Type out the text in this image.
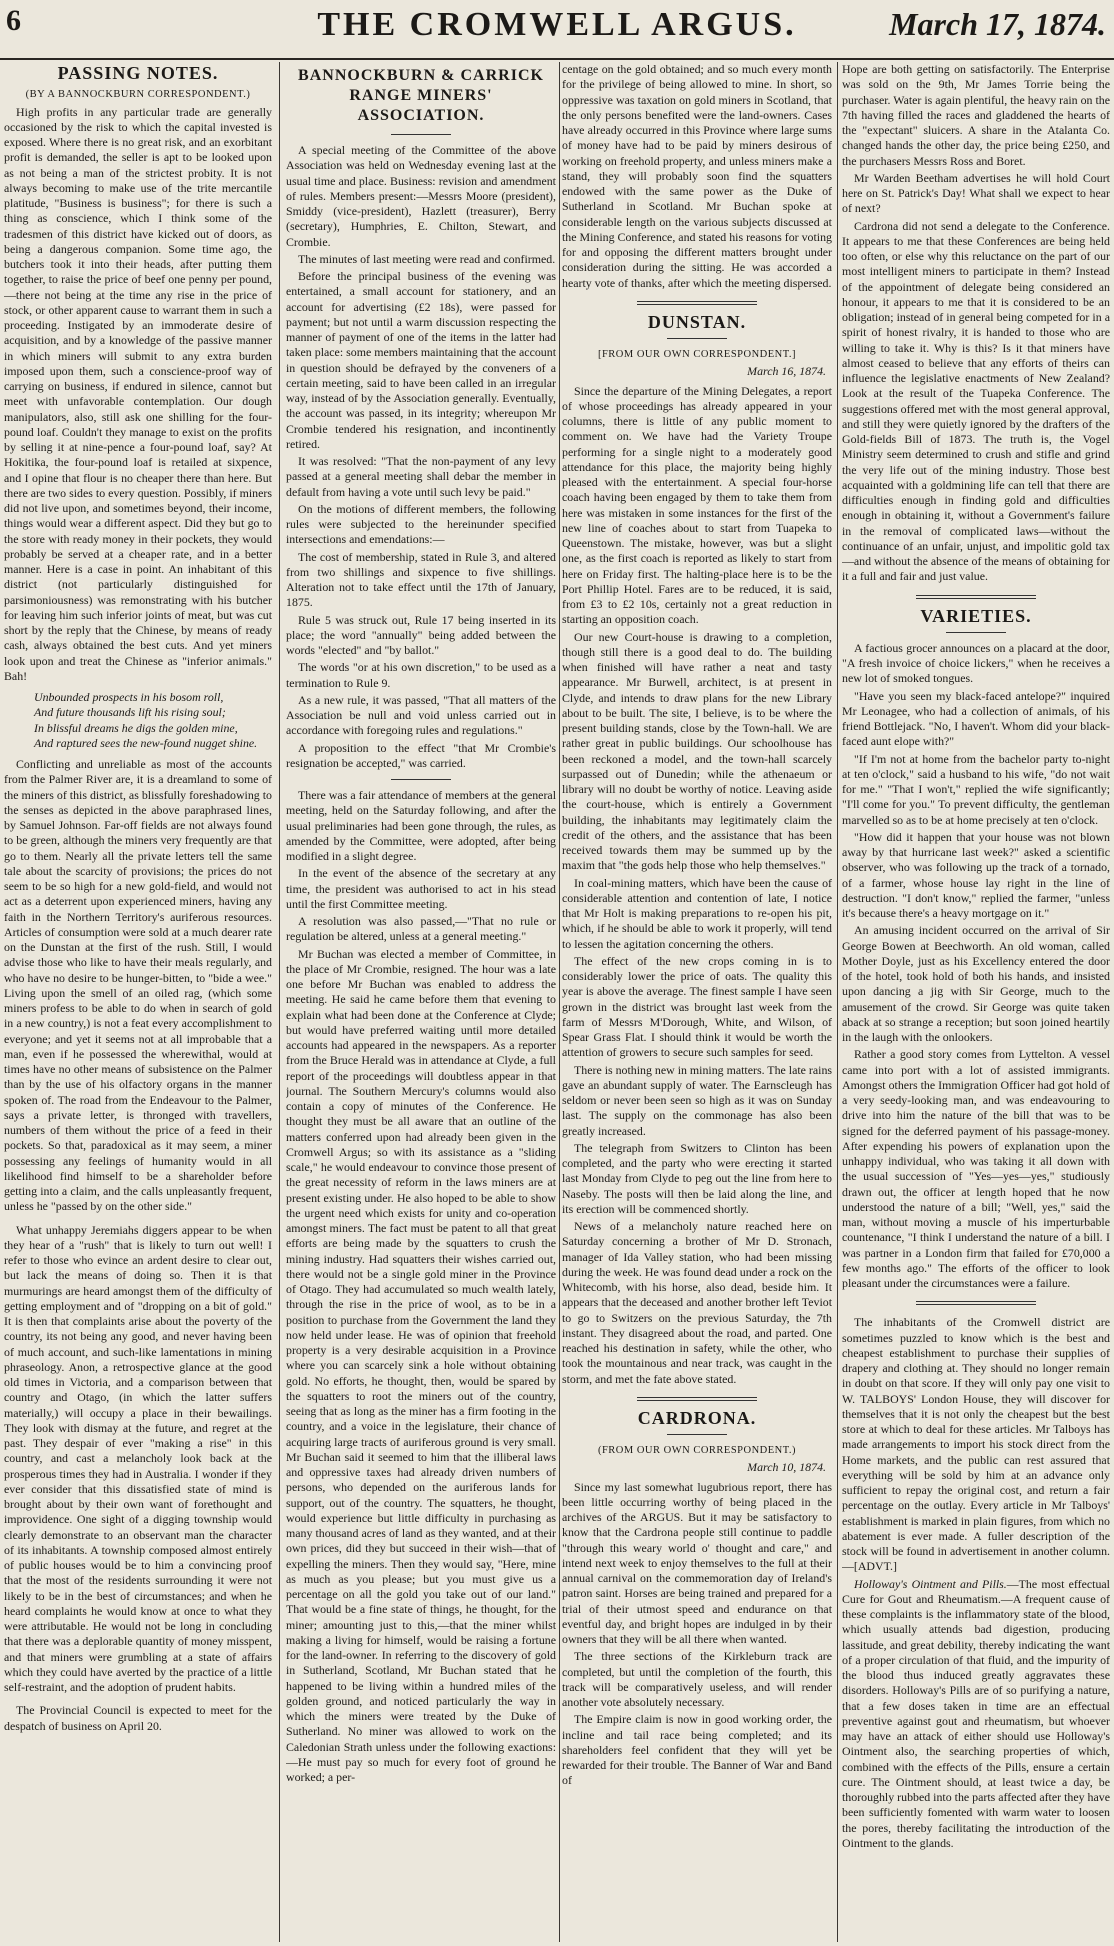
6	THE CROMWELL ARGUS.	March 17, 1874.
PASSING NOTES.
(BY A BANNOCKBURN CORRESPONDENT.)

High profits in any particular trade are generally occasioned by the risk to which the capital invested is exposed. Where there is no great risk, and an exorbitant profit is demanded, the seller is apt to be looked upon as not being a man of the strictest probity. It is not always becoming to make use of the trite mercantile platitude, "Business is business"; for there is such a thing as conscience, which I think some of the tradesmen of this district have kicked out of doors, as being a dangerous companion. Some time ago, the butchers took it into their heads, after putting them together, to raise the price of beef one penny per pound,—there not being at the time any rise in the price of stock, or other apparent cause to warrant them in such a proceeding. Instigated by an immoderate desire of acquisition, and by a knowledge of the passive manner in which miners will submit to any extra burden imposed upon them, such a conscience-proof way of carrying on business, if endured in silence, cannot but meet with unfavorable contemplation. Our dough manipulators, also, still ask one shilling for the four-pound loaf. Couldn't they manage to exist on the profits by selling it at nine-pence a four-pound loaf, say? At Hokitika, the four-pound loaf is retailed at sixpence, and I opine that flour is no cheaper there than here. But there are two sides to every question. Possibly, if miners did not live upon, and sometimes beyond, their income, things would wear a different aspect. Did they but go to the store with ready money in their pockets, they would probably be served at a cheaper rate, and in a better manner. Here is a case in point. An inhabitant of this district (not particularly distinguished for parsimoniousness) was remonstrating with his butcher for leaving him such inferior joints of meat, but was cut short by the reply that the Chinese, by means of ready cash, always obtained the best cuts. And yet miners look upon and treat the Chinese as "inferior animals." Bah!

Unbounded prospects in his bosom roll,
And future thousands lift his rising soul;
In blissful dreams he digs the golden mine,
And raptured sees the new-found nugget shine.

Conflicting and unreliable as most of the accounts from the Palmer River are, it is a dreamland to some of the miners of this district, as blissfully foreshadowing to the senses as depicted in the above paraphrased lines, by Samuel Johnson. Far-off fields are not always found to be green, although the miners very frequently are that go to them. Nearly all the private letters tell the same tale about the scarcity of provisions; the prices do not seem to be so high for a new gold-field, and would not act as a deterrent upon experienced miners, having any faith in the Northern Territory's auriferous resources. Articles of consumption were sold at a much dearer rate on the Dunstan at the first of the rush. Still, I would advise those who like to have their meals regularly, and who have no desire to be hunger-bitten, to "bide a wee." Living upon the smell of an oiled rag, (which some miners profess to be able to do when in search of gold in a new country,) is not a feat every accomplishment to everyone; and yet it seems not at all improbable that a man, even if he possessed the wherewithal, would at times have no other means of subsistence on the Palmer than by the use of his olfactory organs in the manner spoken of. The road from the Endeavour to the Palmer, says a private letter, is thronged with travellers, numbers of them without the price of a feed in their pockets. So that, paradoxical as it may seem, a miner possessing any feelings of humanity would in all likelihood find himself to be a shareholder before getting into a claim, and the calls unpleasantly frequent, unless he "passed by on the other side."

What unhappy Jeremiahs diggers appear to be when they hear of a "rush" that is likely to turn out well! I refer to those who evince an ardent desire to clear out, but lack the means of doing so. Then it is that murmurings are heard amongst them of the difficulty of getting employment and of "dropping on a bit of gold." It is then that complaints arise about the poverty of the country, its not being any good, and never having been of much account, and such-like lamentations in mining phraseology. Anon, a retrospective glance at the good old times in Victoria, and a comparison between that country and Otago, (in which the latter suffers materially,) will occupy a place in their bewailings. They look with dismay at the future, and regret at the past. They despair of ever "making a rise" in this country, and cast a melancholy look back at the prosperous times they had in Australia. I wonder if they ever consider that this dissatisfied state of mind is brought about by their own want of forethought and improvidence. One sight of a digging township would clearly demonstrate to an observant man the character of its inhabitants. A township composed almost entirely of public houses would be to him a convincing proof that the most of the residents surrounding it were not likely to be in the best of circumstances; and when he heard complaints he would know at once to what they were attributable. He would not be long in concluding that there was a deplorable quantity of money misspent, and that miners were grumbling at a state of affairs which they could have averted by the practice of a little self-restraint, and the adoption of prudent habits.

The Provincial Council is expected to meet for the despatch of business on April 20.

BANNOCKBURN & CARRICK RANGE MINERS' ASSOCIATION.

A special meeting of the Committee of the above Association was held on Wednesday evening last at the usual time and place. Business: revision and amendment of rules. Members present:—Messrs Moore (president), Smiddy (vice-president), Hazlett (treasurer), Berry (secretary), Humphries, E. Chilton, Stewart, and Crombie.

The minutes of last meeting were read and confirmed.

Before the principal business of the evening was entertained, a small account for stationery, and an account for advertising (£2 18s), were passed for payment; but not until a warm discussion respecting the manner of payment of one of the items in the latter had taken place: some members maintaining that the account in question should be defrayed by the conveners of a certain meeting, said to have been called in an irregular way, instead of by the Association generally. Eventually, the account was passed, in its integrity; whereupon Mr Crombie tendered his resignation, and incontinently retired.

It was resolved: "That the non-payment of any levy passed at a general meeting shall debar the member in default from having a vote until such levy be paid."

On the motions of different members, the following rules were subjected to the hereinunder specified intersections and emendations:—

The cost of membership, stated in Rule 3, and altered from two shillings and sixpence to five shillings. Alteration not to take effect until the 17th of January, 1875.

Rule 5 was struck out, Rule 17 being inserted in its place; the word "annually" being added between the words "elected" and "by ballot."

The words "or at his own discretion," to be used as a termination to Rule 9.

As a new rule, it was passed, "That all matters of the Association be null and void unless carried out in accordance with foregoing rules and regulations."

A proposition to the effect "that Mr Crombie's resignation be accepted," was carried.

There was a fair attendance of members at the general meeting, held on the Saturday following, and after the usual preliminaries had been gone through, the rules, as amended by the Committee, were adopted, after being modified in a slight degree.

In the event of the absence of the secretary at any time, the president was authorised to act in his stead until the first Committee meeting.

A resolution was also passed,—"That no rule or regulation be altered, unless at a general meeting."

Mr Buchan was elected a member of Committee, in the place of Mr Crombie, resigned. The hour was a late one before Mr Buchan was enabled to address the meeting. He said he came before them that evening to explain what had been done at the Conference at Clyde; but would have preferred waiting until more detailed accounts had appeared in the newspapers. As a reporter from the Bruce Herald was in attendance at Clyde, a full report of the proceedings will doubtless appear in that journal. The Southern Mercury's columns would also contain a copy of minutes of the Conference. He thought they must be all aware that an outline of the matters conferred upon had already been given in the Cromwell Argus; so with its assistance as a "sliding scale," he would endeavour to convince those present of the great necessity of reform in the laws miners are at present existing under. He also hoped to be able to show the urgent need which exists for unity and co-operation amongst miners. The fact must be patent to all that great efforts are being made by the squatters to crush the mining industry. Had squatters their wishes carried out, there would not be a single gold miner in the Province of Otago. They had accumulated so much wealth lately, through the rise in the price of wool, as to be in a position to purchase from the Government the land they now held under lease. He was of opinion that freehold property is a very desirable acquisition in a Province where you can scarcely sink a hole without obtaining gold. No efforts, he thought, then, would be spared by the squatters to root the miners out of the country, seeing that as long as the miner has a firm footing in the country, and a voice in the legislature, their chance of acquiring large tracts of auriferous ground is very small. Mr Buchan said it seemed to him that the illiberal laws and oppressive taxes had already driven numbers of persons, who depended on the auriferous lands for support, out of the country. The squatters, he thought, would experience but little difficulty in purchasing as many thousand acres of land as they wanted, and at their own prices, did they but succeed in their wish—that of expelling the miners. Then they would say, "Here, mine as much as you please; but you must give us a percentage on all the gold you take out of our land." That would be a fine state of things, he thought, for the miner; amounting just to this,—that the miner whilst making a living for himself, would be raising a fortune for the land-owner. In referring to the discovery of gold in Sutherland, Scotland, Mr Buchan stated that he happened to be living within a hundred miles of the golden ground, and noticed particularly the way in which the miners were treated by the Duke of Sutherland. No miner was allowed to work on the Caledonian Strath unless under the following exactions:—He must pay so much for every foot of ground he worked; a per-

centage on the gold obtained; and so much every month for the privilege of being allowed to mine. In short, so oppressive was taxation on gold miners in Scotland, that the only persons benefited were the land-owners. Cases have already occurred in this Province where large sums of money have had to be paid by miners desirous of working on freehold property, and unless miners make a stand, they will probably soon find the squatters endowed with the same power as the Duke of Sutherland in Scotland. Mr Buchan spoke at considerable length on the various subjects discussed at the Mining Conference, and stated his reasons for voting for and opposing the different matters brought under consideration during the sitting. He was accorded a hearty vote of thanks, after which the meeting dispersed.

DUNSTAN.
[FROM OUR OWN CORRESPONDENT.]
March 16, 1874.

Since the departure of the Mining Delegates, a report of whose proceedings has already appeared in your columns, there is little of any public moment to comment on. We have had the Variety Troupe performing for a single night to a moderately good attendance for this place, the majority being highly pleased with the entertainment. A special four-horse coach having been engaged by them to take them from here was mistaken in some instances for the first of the new line of coaches about to start from Tuapeka to Queenstown. The mistake, however, was but a slight one, as the first coach is reported as likely to start from here on Friday first. The halting-place here is to be the Port Phillip Hotel. Fares are to be reduced, it is said, from £3 to £2 10s, certainly not a great reduction in starting an opposition coach.

Our new Court-house is drawing to a completion, though still there is a good deal to do. The building when finished will have rather a neat and tasty appearance. Mr Burwell, architect, is at present in Clyde, and intends to draw plans for the new Library about to be built. The site, I believe, is to be where the present building stands, close by the Town-hall. We are rather great in public buildings. Our schoolhouse has been reckoned a model, and the town-hall scarcely surpassed out of Dunedin; while the athenaeum or library will no doubt be worthy of notice. Leaving aside the court-house, which is entirely a Government building, the inhabitants may legitimately claim the credit of the others, and the assistance that has been received towards them may be summed up by the maxim that "the gods help those who help themselves."

In coal-mining matters, which have been the cause of considerable attention and contention of late, I notice that Mr Holt is making preparations to re-open his pit, which, if he should be able to work it properly, will tend to lessen the agitation concerning the others.

The effect of the new crops coming in is to considerably lower the price of oats. The quality this year is above the average. The finest sample I have seen grown in the district was brought last week from the farm of Messrs M'Dorough, White, and Wilson, of Spear Grass Flat. I should think it would be worth the attention of growers to secure such samples for seed.

There is nothing new in mining matters. The late rains gave an abundant supply of water. The Earnscleugh has seldom or never been seen so high as it was on Sunday last. The supply on the commonage has also been greatly increased.

The telegraph from Switzers to Clinton has been completed, and the party who were erecting it started last Monday from Clyde to peg out the line from here to Naseby. The posts will then be laid along the line, and its erection will be commenced shortly.

News of a melancholy nature reached here on Saturday concerning a brother of Mr D. Stronach, manager of Ida Valley station, who had been missing during the week. He was found dead under a rock on the Whitecomb, with his horse, also dead, beside him. It appears that the deceased and another brother left Teviot to go to Switzers on the previous Saturday, the 7th instant. They disagreed about the road, and parted. One reached his destination in safety, while the other, who took the mountainous and near track, was caught in the storm, and met the fate above stated.

CARDRONA.
(FROM OUR OWN CORRESPONDENT.)
March 10, 1874.

Since my last somewhat lugubrious report, there has been little occurring worthy of being placed in the archives of the ARGUS. But it may be satisfactory to know that the Cardrona people still continue to paddle "through this weary world o' thought and care," and intend next week to enjoy themselves to the full at their annual carnival on the commemoration day of Ireland's patron saint. Horses are being trained and prepared for a trial of their utmost speed and endurance on that eventful day, and bright hopes are indulged in by their owners that they will be all there when wanted.

The three sections of the Kirkleburn track are completed, but until the completion of the fourth, this track will be comparatively useless, and will render another vote absolutely necessary.

The Empire claim is now in good working order, the incline and tail race being completed; and its shareholders feel confident that they will yet be rewarded for their trouble. The Banner of War and Band of

Hope are both getting on satisfactorily. The Enterprise was sold on the 9th, Mr James Torrie being the purchaser. Water is again plentiful, the heavy rain on the 7th having filled the races and gladdened the hearts of the "expectant" sluicers. A share in the Atalanta Co. changed hands the other day, the price being £250, and the purchasers Messrs Ross and Boret.

Mr Warden Beetham advertises he will hold Court here on St. Patrick's Day! What shall we expect to hear of next?

Cardrona did not send a delegate to the Conference. It appears to me that these Conferences are being held too often, or else why this reluctance on the part of our most intelligent miners to participate in them? Instead of the appointment of delegate being considered an honour, it appears to me that it is considered to be an obligation; instead of in general being competed for in a spirit of honest rivalry, it is handed to those who are willing to take it. Why is this? Is it that miners have almost ceased to believe that any efforts of theirs can influence the legislative enactments of New Zealand? Look at the result of the Tuapeka Conference. The suggestions offered met with the most general approval, and still they were quietly ignored by the drafters of the Gold-fields Bill of 1873. The truth is, the Vogel Ministry seem determined to crush and stifle and grind the very life out of the mining industry. Those best acquainted with a goldmining life can tell that there are difficulties enough in finding gold and difficulties enough in obtaining it, without a Government's failure in the removal of complicated laws—without the continuance of an unfair, unjust, and impolitic gold tax—and without the absence of the means of obtaining for it a full and fair and just value.

VARIETIES.

A factious grocer announces on a placard at the door, "A fresh invoice of choice lickers," when he receives a new lot of smoked tongues.

"Have you seen my black-faced antelope?" inquired Mr Leonagee, who had a collection of animals, of his friend Bottlejack. "No, I haven't. Whom did your black-faced aunt elope with?"

"If I'm not at home from the bachelor party to-night at ten o'clock," said a husband to his wife, "do not wait for me." "That I won't," replied the wife significantly; "I'll come for you." To prevent difficulty, the gentleman marvelled so as to be at home precisely at ten o'clock.

"How did it happen that your house was not blown away by that hurricane last week?" asked a scientific observer, who was following up the track of a tornado, of a farmer, whose house lay right in the line of destruction. "I don't know," replied the farmer, "unless it's because there's a heavy mortgage on it."

An amusing incident occurred on the arrival of Sir George Bowen at Beechworth. An old woman, called Mother Doyle, just as his Excellency entered the door of the hotel, took hold of both his hands, and insisted upon dancing a jig with Sir George, much to the amusement of the crowd. Sir George was quite taken aback at so strange a reception; but soon joined heartily in the laugh with the onlookers.

Rather a good story comes from Lyttelton. A vessel came into port with a lot of assisted immigrants. Amongst others the Immigration Officer had got hold of a very seedy-looking man, and was endeavouring to drive into him the nature of the bill that was to be signed for the deferred payment of his passage-money. After expending his powers of explanation upon the unhappy individual, who was taking it all down with the usual succession of "Yes—yes—yes," studiously drawn out, the officer at length hoped that he now understood the nature of a bill; "Well, yes," said the man, without moving a muscle of his imperturbable countenance, "I think I understand the nature of a bill. I was partner in a London firm that failed for £70,000 a few months ago." The efforts of the officer to look pleasant under the circumstances were a failure.

The inhabitants of the Cromwell district are sometimes puzzled to know which is the best and cheapest establishment to purchase their supplies of drapery and clothing at. They should no longer remain in doubt on that score. If they will only pay one visit to W. TALBOYS' London House, they will discover for themselves that it is not only the cheapest but the best store at which to deal for these articles. Mr Talboys has made arrangements to import his stock direct from the Home markets, and the public can rest assured that everything will be sold by him at an advance only sufficient to repay the original cost, and return a fair percentage on the outlay. Every article in Mr Talboys' establishment is marked in plain figures, from which no abatement is ever made. A fuller description of the stock will be found in advertisement in another column.—[ADVT.]

Holloway's Ointment and Pills.—The most effectual Cure for Gout and Rheumatism.—A frequent cause of these complaints is the inflammatory state of the blood, which usually attends bad digestion, producing lassitude, and great debility, thereby indicating the want of a proper circulation of that fluid, and the impurity of the blood thus induced greatly aggravates these disorders. Holloway's Pills are of so purifying a nature, that a few doses taken in time are an effectual preventive against gout and rheumatism, but whoever may have an attack of either should use Holloway's Ointment also, the searching properties of which, combined with the effects of the Pills, ensure a certain cure. The Ointment should, at least twice a day, be thoroughly rubbed into the parts affected after they have been sufficiently fomented with warm water to loosen the pores, thereby facilitating the introduction of the Ointment to the glands.
